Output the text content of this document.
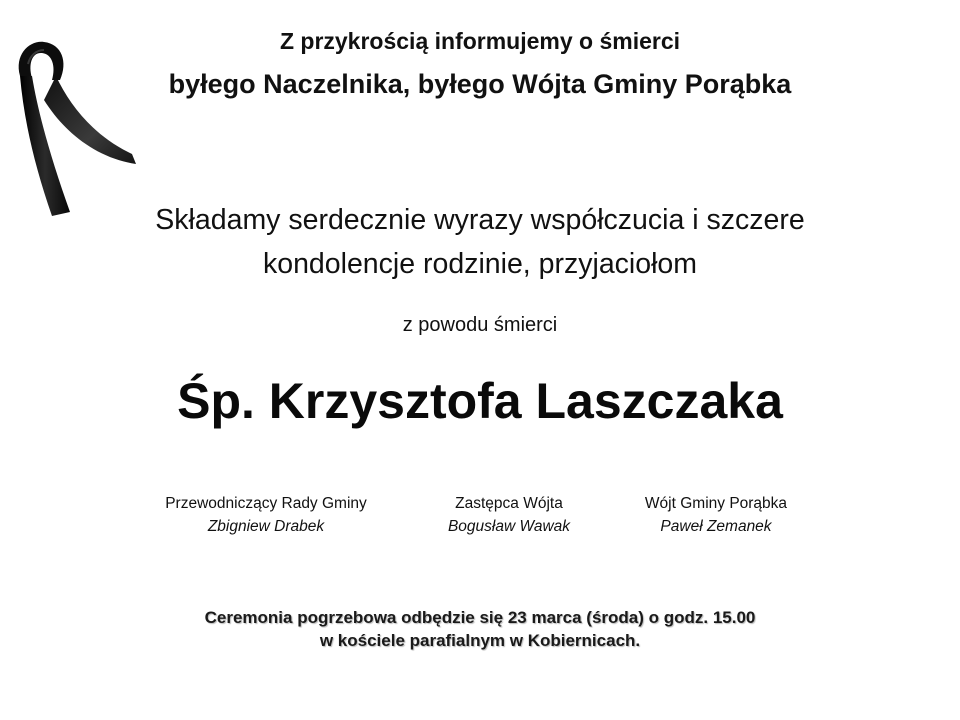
Z przykrością informujemy o śmierci
byłego Naczelnika, byłego Wójta Gminy Porąbka
Składamy serdecznie wyrazy współczucia i szczere
kondolencje rodzinie, przyjaciołom
z powodu śmierci
Śp. Krzysztofa Laszczaka
Przewodniczący Rady Gminy
Zbigniew Drabek
Zastępca Wójta
Bogusław Wawak
Wójt Gminy Porąbka
Paweł Zemanek
Ceremonia pogrzebowa odbędzie się 23 marca (środa) o godz. 15.00
w kościele parafialnym w Kobiernicach.
